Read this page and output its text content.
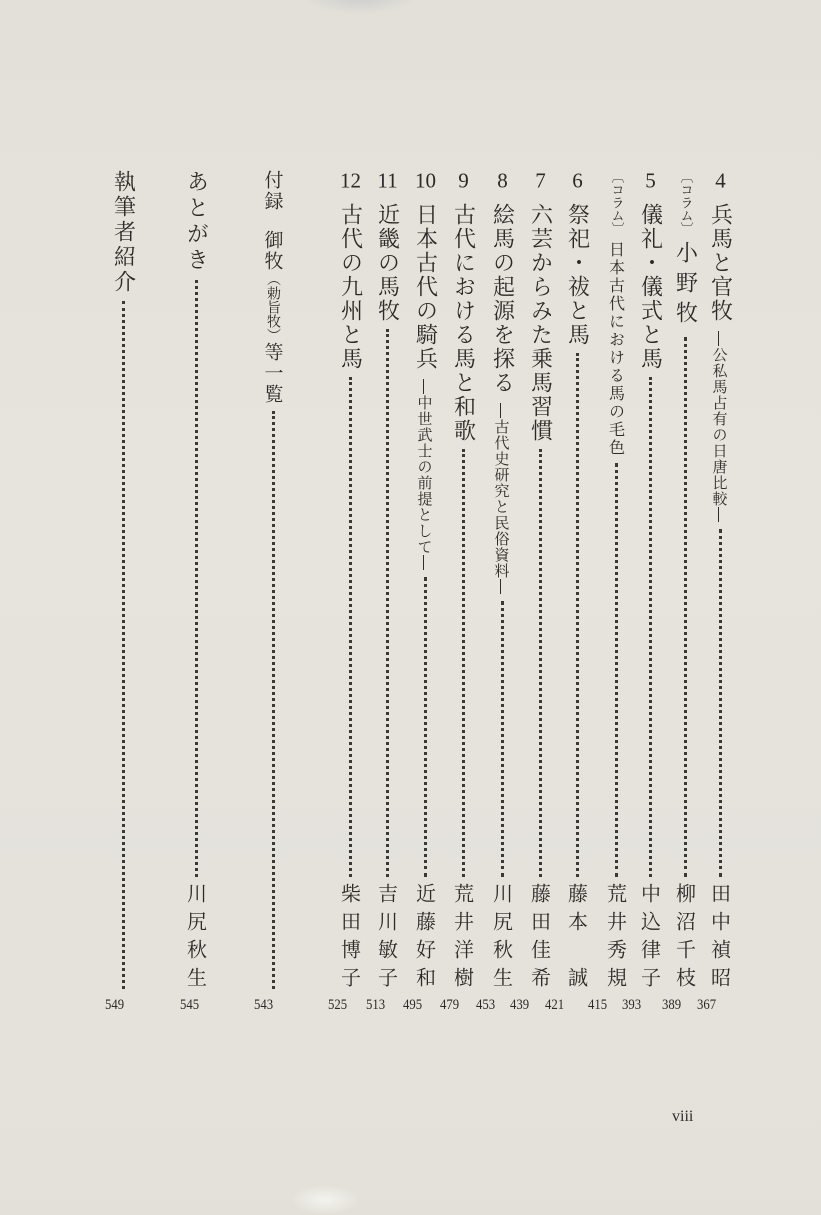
4
兵馬と官牧
―公私馬占有の日唐比較―
田中禎昭
367
〔コラム〕
小野牧
柳沼千枝
389
5
儀礼・儀式と馬
中込律子
393
〔コラム〕
日本古代における馬の毛色
荒井秀規
415
6
祭祀・祓と馬
藤本　誠
421
7
六芸からみた乗馬習慣
藤田佳希
439
8
絵馬の起源を探る
―古代史研究と民俗資料―
川尻秋生
453
9
古代における馬と和歌
荒井洋樹
479
10
日本古代の騎兵
―中世武士の前提として―
近藤好和
495
11
近畿の馬牧
吉川敏子
513
12
古代の九州と馬
柴田博子
525
付録
御牧
（勅旨牧）
等一覧
543
あとがき
川尻秋生
545
執筆者紹介
549
viii
